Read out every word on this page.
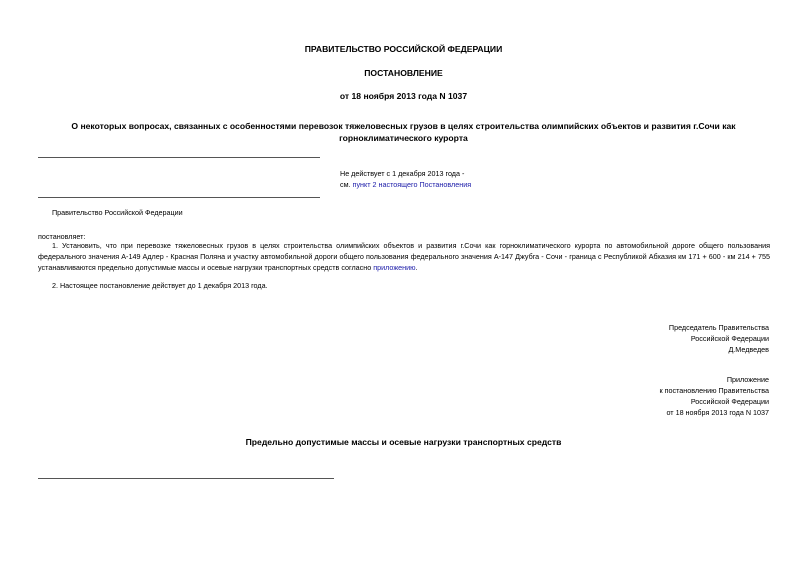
ПРАВИТЕЛЬСТВО РОССИЙСКОЙ ФЕДЕРАЦИИ
ПОСТАНОВЛЕНИЕ
от 18 ноября 2013 года N 1037
О некоторых вопросах, связанных с особенностями перевозок тяжеловесных грузов в целях строительства олимпийских объектов и развития г.Сочи как
горноклиматического курорта
Не действует с 1 декабря 2013 года -
см. пункт 2 настоящего Постановления
Правительство Российской Федерации
постановляет:
1. Установить, что при перевозке тяжеловесных грузов в целях строительства олимпийских объектов и развития г.Сочи как горноклиматического курорта по автомобильной дороге общего пользования
федерального значения А-149 Адлер - Красная Поляна и участку автомобильной дороги общего пользования федерального значения А-147 Джубга - Сочи - граница с Республикой Абхазия км 171 + 600 - км 214 + 755
устанавливаются предельно допустимые массы и осевые нагрузки транспортных средств согласно приложению.
2. Настоящее постановление действует до 1 декабря 2013 года.
Председатель Правительства
Российской Федерации
Д.Медведев
Приложение
к постановлению Правительства
Российской Федерации
от 18 ноября 2013 года N 1037
Предельно допустимые массы и осевые нагрузки транспортных средств
